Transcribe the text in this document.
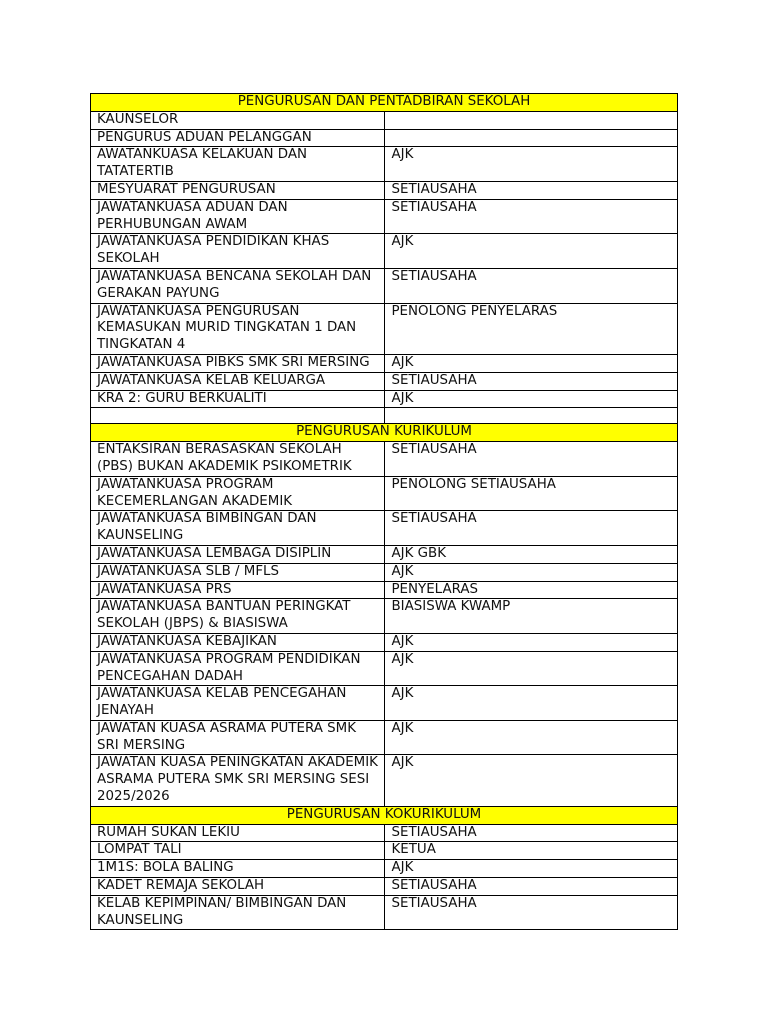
PENGURUSAN DAN PENTADBIRAN SEKOLAH	
KAUNSELOR	
PENGURUS ADUAN PELANGGAN	
AWATANKUASA KELAKUAN DAN TATATERTIB	AJK
MESYUARAT PENGURUSAN	SETIAUSAHA
JAWATANKUASA ADUAN DAN PERHUBUNGAN AWAM	SETIAUSAHA
JAWATANKUASA PENDIDIKAN KHAS SEKOLAH	AJK
JAWATANKUASA BENCANA SEKOLAH DAN GERAKAN PAYUNG	SETIAUSAHA
JAWATANKUASA PENGURUSAN KEMASUKAN MURID TINGKATAN 1 DAN TINGKATAN 4	PENOLONG PENYELARAS
JAWATANKUASA PIBKS SMK SRI MERSING	AJK
JAWATANKUASA KELAB KELUARGA	SETIAUSAHA
KRA 2: GURU BERKUALITI	AJK

PENGURUSAN KURIKULUM	
ENTAKSIRAN BERASASKAN SEKOLAH (PBS) BUKAN AKADEMIK PSIKOMETRIK	SETIAUSAHA
JAWATANKUASA PROGRAM KECEMERLANGAN AKADEMIK	PENOLONG SETIAUSAHA
JAWATANKUASA BIMBINGAN DAN KAUNSELING	SETIAUSAHA
JAWATANKUASA LEMBAGA DISIPLIN	AJK GBK
JAWATANKUASA SLB / MFLS	AJK
JAWATANKUASA PRS	PENYELARAS
JAWATANKUASA BANTUAN PERINGKAT SEKOLAH (JBPS) & BIASISWA	BIASISWA KWAMP
JAWATANKUASA KEBAJIKAN	AJK
JAWATANKUASA PROGRAM PENDIDIKAN PENCEGAHAN DADAH	AJK
JAWATANKUASA KELAB PENCEGAHAN JENAYAH	AJK
JAWATAN KUASA ASRAMA PUTERA SMK SRI MERSING	AJK
JAWATAN KUASA PENINGKATAN AKADEMIK ASRAMA PUTERA SMK SRI MERSING SESI 2025/2026	AJK
PENGURUSAN KOKURIKULUM	
RUMAH SUKAN LEKIU	SETIAUSAHA
LOMPAT TALI	KETUA
1M1S: BOLA BALING	AJK
KADET REMAJA SEKOLAH	SETIAUSAHA
KELAB KEPIMPINAN/ BIMBINGAN DAN KAUNSELING	SETIAUSAHA
